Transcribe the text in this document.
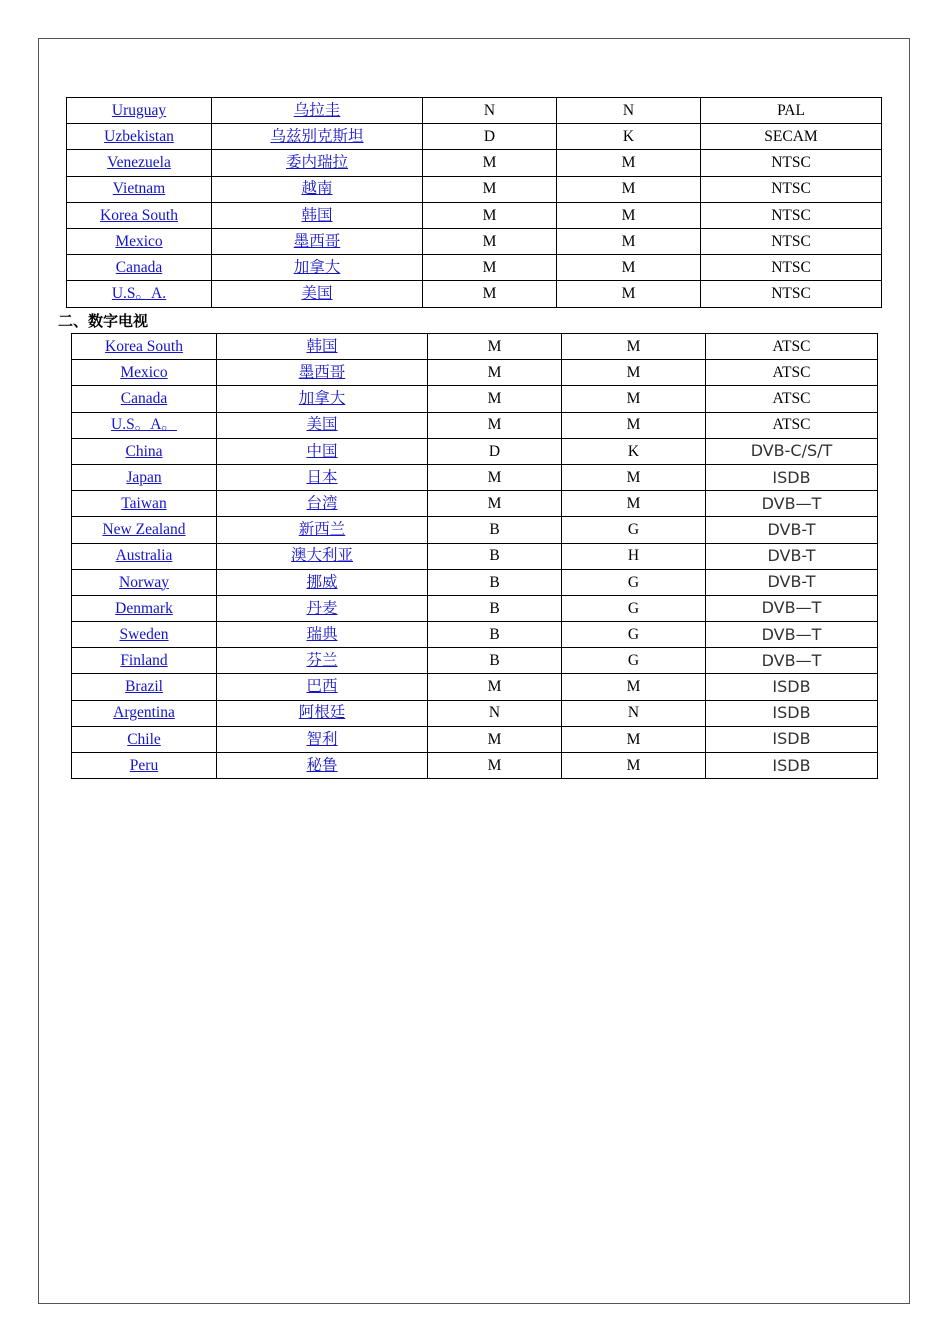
Uruguay	乌拉圭	N	N	PAL
Uzbekistan	乌兹别克斯坦	D	K	SECAM
Venezuela	委内瑞拉	M	M	NTSC
Vietnam	越南	M	M	NTSC
Korea South	韩国	M	M	NTSC
Mexico	墨西哥	M	M	NTSC
Canada	加拿大	M	M	NTSC
U.S。A.	美国	M	M	NTSC
二、数字电视
Korea South	韩国	M	M	ATSC
Mexico	墨西哥	M	M	ATSC
Canada	加拿大	M	M	ATSC
U.S。A。	美国	M	M	ATSC
China	中国	D	K	DVB-C/S/T
Japan	日本	M	M	ISDB
Taiwan	台湾	M	M	DVB—T
New Zealand	新西兰	B	G	DVB-T
Australia	澳大利亚	B	H	DVB-T
Norway	挪威	B	G	DVB-T
Denmark	丹麦	B	G	DVB—T
Sweden	瑞典	B	G	DVB—T
Finland	芬兰	B	G	DVB—T
Brazil	巴西	M	M	ISDB
Argentina	阿根廷	N	N	ISDB
Chile	智利	M	M	ISDB
Peru	秘鲁	M	M	ISDB
